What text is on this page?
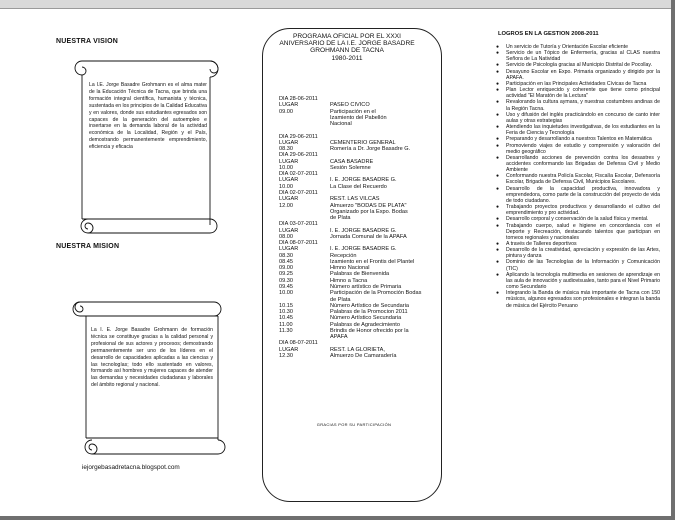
NUESTRA VISION
La I.E. Jorge Basadre Grohmann es el alma mater de la Educación Técnica de Tacna, que brinda una formación integral científica, humanista y técnica, sustentada en los principios de la Calidad Educativa y en valores, donde sus estudiantes egresados son capaces de la generación del autoempleo e insertarse en la demanda laboral de la actividad económica de la Localidad, Región y el País, demostrando permanentemente emprendimiento, eficiencia y eficacia
NUESTRA MISION
La I. E. Jorge Basadre Grohmann de formación técnica se constituye gracias a la calidad personal y profesional de sus actores y procesos; demostrando permanentemente ser uno de los líderes en el desarrollo de capacidades aplicadas a las ciencias y las tecnologías; todo ello sustentado en valores, formando así hombres y mujeres capaces de atender las demandas y necesidades ciudadanas y laborales del ámbito regional y nacional.
iejorgebasadretacna.blogspot.com
PROGRAMA OFICIAL POR EL XXXI ANIVERSARIO DE LA I.E. JORGE BASADRE GROHMANN DE TACNA
1980-2011
DIA 28-06-2011
LUGAR	PASEO CIVICO
09.00	Participación en el
Izamiento del Pabellón
Nacional
DIA 29-06-2011
LUGAR	CEMENTERIO GENERAL
08.30	Romería a Dr. Jorge Basadre G.
DIA 29-06-2011
LUGAR	CASA BASADRE
10.00	Sesión Solemne
DIA 02-07-2011
LUGAR	I. E. JORGE BASADRE G.
10.00	La Clase del Recuerdo
DIA 02-07-2011
LUGAR	REST. LAS VILCAS
12.00	Almuerzo "BODAS DE PLATA"
Organizado por la Expo. Bodas
de Plata
DIA 03-07-2011
LUGAR	I. E. JORGE BASADRE G.
08.00	Jornada Comunal de la APAFA
DIA 08-07-2011
LUGAR	I. E. JORGE BASADRE G.
08.30	Recepción
08.45	Izamiento en el Frontis del Plantel
09.00	Himno Nacional
09.25	Palabras de Bienvenida
09.30	Himno a Tacna
09.45	Número artístico de Primaria
10.00	Participación de la Promoción Bodas
de Plata
10.15	Número Artístico de Secundaria
10.30	Palabras de la Promocion 2011
10.45	Número Artístico Secundaria
11.00	Palabras de Agradecimiento
11.30	Brindis de Honor ofrecido por la
APAFA
DIA 08-07-2011
LUGAR	REST. LA GLORIETA,
12.30	Almuerzo De Camaradería
GRACIAS POR SU PARTICIPACIÓN
LOGROS EN LA GESTION 2008-2011
● Un servicio de Tutoría y Orientación Escolar eficiente
● Servicio de un Tópico de Enfermería, gracias al CLAS nuestra Señora de La Natividad
● Servicio de Psicología gracias al Municipio Distrital de Pocollay.
● Desayuno Escolar en Expo. Primaria organizado y dirigido por la APAFA.
● Participación en las Principales Actividades Cívicas de Tacna
● Plan Lector enriquecido y coherente que tiene como principal actividad "El Maratón de la Lectura"
● Revalorando la cultura aymara, y nuestras costumbres andinas de la Región Tacna.
● Uso y difusión del inglés practicándolo en concurso de canto inter aulas y otras estrategias
● Atendiendo las inquietudes investigativas, de los estudiantes en la Feria de Ciencia y Tecnología
● Preparando y desarrollando a nuestros Talentos en Matemática
● Promoviendo viajes de estudio y comprensión y valoración del medio geográfico
● Desarrollando acciones de prevención contra los desastres y accidentes conformando las Brigadas de Defensa Civil y Medio Ambiente
● Conformando nuestra Policía Escolar, Fiscalía Escolar, Defensoría Escolar, Brigada de Defensa Civil, Municipios Escolares.
● Desarrollo de la capacidad productiva, innovadora y emprendedora, como parte de la construcción del proyecto de vida de todo ciudadano.
● Trabajando proyectos productivos y desarrollando el cultivo del emprendimiento y pro actividad.
● Desarrollo corporal y conservación de la salud física y mental.
● Trabajando cuerpo, salud e higiene en concordancia con el Deporte y Recreación, destacando talentos que participan en torneos regionales y nacionales
● A través de Talleres deportivos
● Desarrollo de la creatividad, apreciación y expresión de las Artes, pintura y danza
● Dominio de las Tecnologías de la Información y Comunicación (TIC)
● Aplicando la tecnología multimedia en sesiones de aprendizaje en las aula de innovación y audiovisuales, tanto para el Nivel Primario como Secundario
● Integrando la Banda de música más importante de Tacna con 150 músicos, algunos egresados son profesionales e integran la banda de música del Ejército Peruano
